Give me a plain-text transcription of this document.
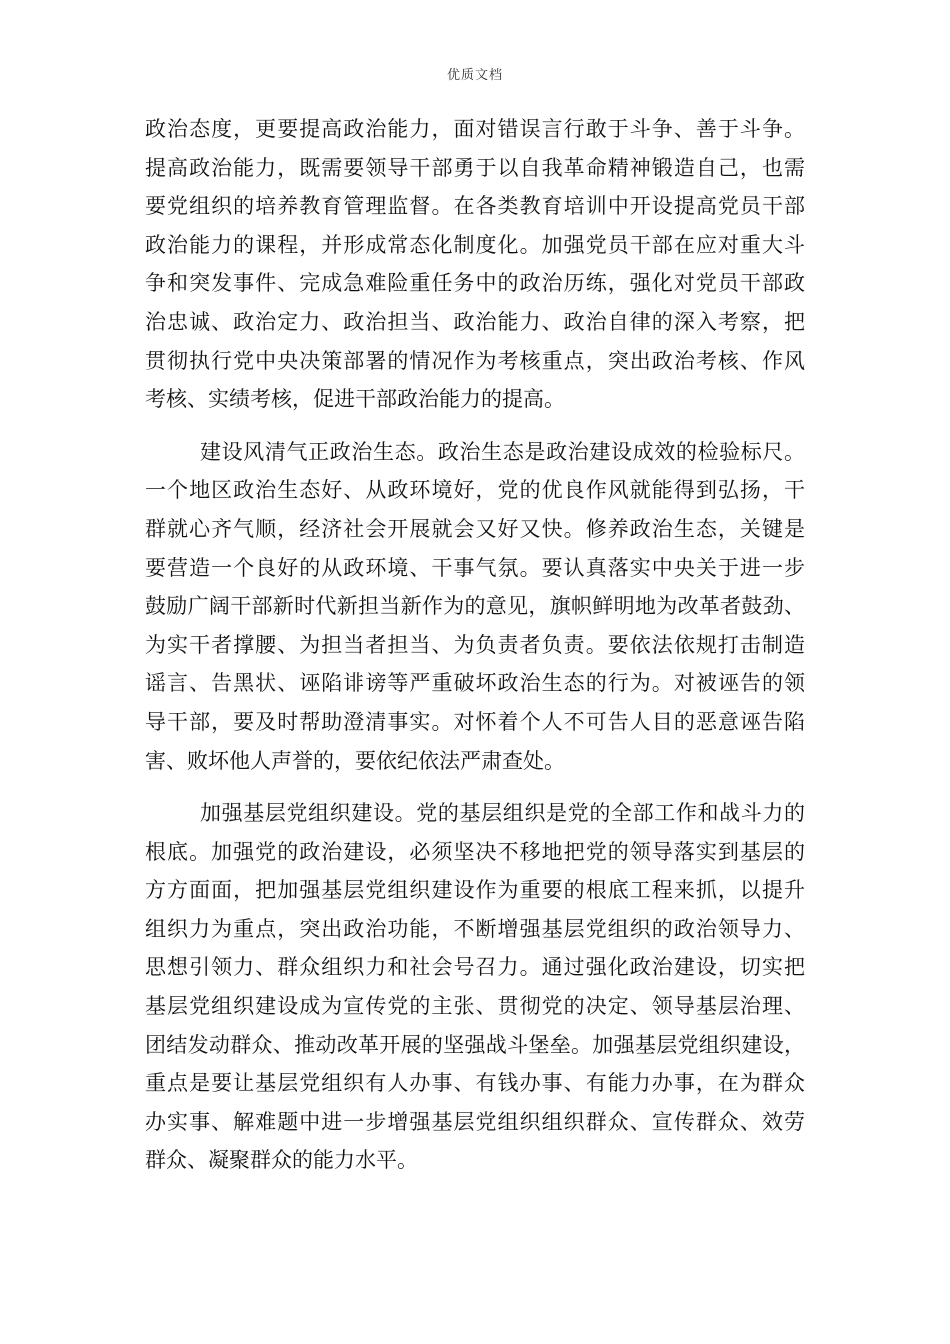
优质文档
政治态度，更要提高政治能力，面对错误言行敢于斗争、善于斗争。
提高政治能力，既需要领导干部勇于以自我革命精神锻造自己，也需
要党组织的培养教育管理监督。在各类教育培训中开设提高党员干部
政治能力的课程，并形成常态化制度化。加强党员干部在应对重大斗
争和突发事件、完成急难险重任务中的政治历练，强化对党员干部政
治忠诚、政治定力、政治担当、政治能力、政治自律的深入考察，把
贯彻执行党中央决策部署的情况作为考核重点，突出政治考核、作风
考核、实绩考核，促进干部政治能力的提高。
建设风清气正政治生态。政治生态是政治建设成效的检验标尺。
一个地区政治生态好、从政环境好，党的优良作风就能得到弘扬，干
群就心齐气顺，经济社会开展就会又好又快。修养政治生态，关键是
要营造一个良好的从政环境、干事气氛。要认真落实中央关于进一步
鼓励广阔干部新时代新担当新作为的意见，旗帜鲜明地为改革者鼓劲、
为实干者撑腰、为担当者担当、为负责者负责。要依法依规打击制造
谣言、告黑状、诬陷诽谤等严重破坏政治生态的行为。对被诬告的领
导干部，要及时帮助澄清事实。对怀着个人不可告人目的恶意诬告陷
害、败坏他人声誉的，要依纪依法严肃查处。
加强基层党组织建设。党的基层组织是党的全部工作和战斗力的
根底。加强党的政治建设，必须坚决不移地把党的领导落实到基层的
方方面面，把加强基层党组织建设作为重要的根底工程来抓，以提升
组织力为重点，突出政治功能，不断增强基层党组织的政治领导力、
思想引领力、群众组织力和社会号召力。通过强化政治建设，切实把
基层党组织建设成为宣传党的主张、贯彻党的决定、领导基层治理、
团结发动群众、推动改革开展的坚强战斗堡垒。加强基层党组织建设，
重点是要让基层党组织有人办事、有钱办事、有能力办事，在为群众
办实事、解难题中进一步增强基层党组织组织群众、宣传群众、效劳
群众、凝聚群众的能力水平。
